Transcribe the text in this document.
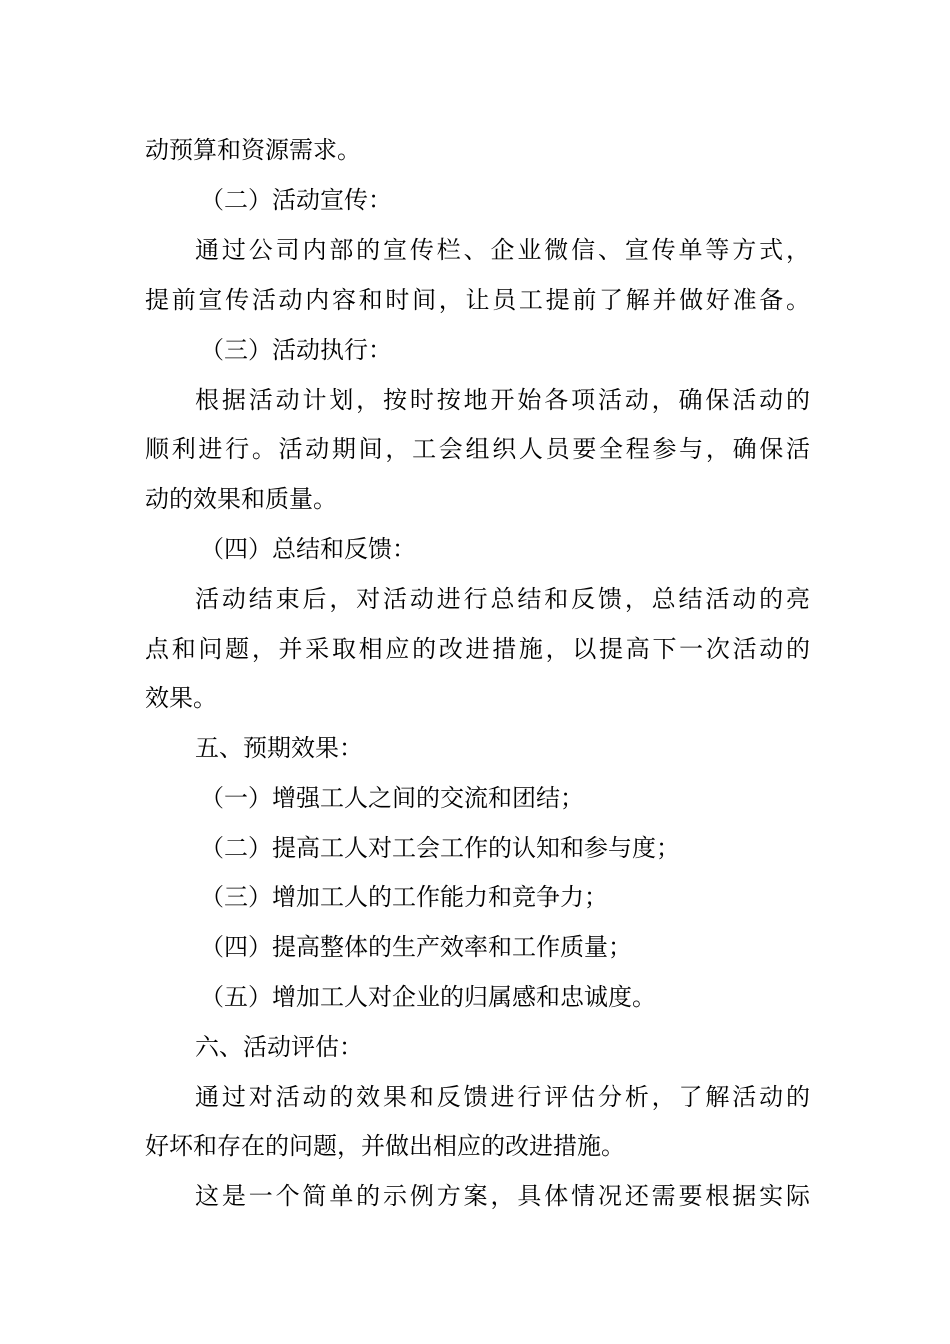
动预算和资源需求。
（二）活动宣传：
通过公司内部的宣传栏、企业微信、宣传单等方式，
提前宣传活动内容和时间，让员工提前了解并做好准备。
（三）活动执行：
根据活动计划，按时按地开始各项活动，确保活动的
顺利进行。活动期间，工会组织人员要全程参与，确保活
动的效果和质量。
（四）总结和反馈：
活动结束后，对活动进行总结和反馈，总结活动的亮
点和问题，并采取相应的改进措施，以提高下一次活动的
效果。
五、预期效果：
（一）增强工人之间的交流和团结；
（二）提高工人对工会工作的认知和参与度；
（三）增加工人的工作能力和竞争力；
（四）提高整体的生产效率和工作质量；
（五）增加工人对企业的归属感和忠诚度。
六、活动评估：
通过对活动的效果和反馈进行评估分析，了解活动的
好坏和存在的问题，并做出相应的改进措施。
这是一个简单的示例方案，具体情况还需要根据实际
